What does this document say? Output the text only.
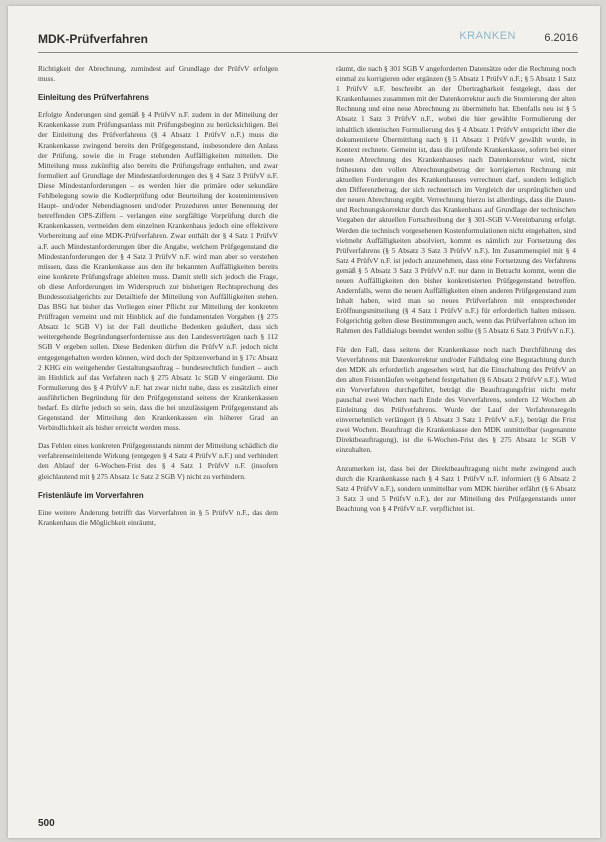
MDK-Prüfverfahren	KRANKEN	6.2016

Richtigkeit der Abrechnung, zumindest auf Grundlage der PrüfvV erfolgen muss.

Einleitung des Prüfverfahrens

Erfolgte Änderungen sind gemäß § 4 PrüfvV n.F. zudem in der Mitteilung der Krankenkasse zum Prüfungsanlass mit Prüfungsbeginn zu berücksichtigen. Bei der Einleitung des Prüfverfahrens (§ 4 Absatz 1 PrüfvV n.F.) muss die Krankenkasse zwingend bereits den Prüfgegenstand, insbesondere den Anlass der Prüfung, sowie die in Frage stehenden Auffälligkeiten mitteilen. Die Mitteilung muss zukünftig also bereits die Prüfungsfrage enthalten, und zwar formuliert auf Grundlage der Mindestanforderungen des § 4 Satz 3 PrüfvV n.F. Diese Mindestanforderungen – es werden hier die primäre oder sekundäre Fehlbelegung sowie die Kodierprüfung oder Beurteilung der kostenintensiven Haupt- und/oder Nebendiagnosen und/oder Prozeduren unter Benennung der betreffenden OPS-Ziffern – verlangen eine sorgfältige Vorprüfung durch die Krankenkassen, vermeiden dem einzelnen Krankenhaus jedoch eine effektivere Vorbereitung auf eine MDK-Prüfverfahren. Zwar enthält der § 4 Satz 1 PrüfvV a.F. auch Mindestanforderungen über die Angabe, welchem Prüfgegenstand die Mindestanforderungen der § 4 Satz 3 PrüfvV n.F. wird man aber so verstehen müssen, dass die Krankenkasse aus den ihr bekannten Auffälligkeiten bereits eine konkrete Prüfungsfrage ableiten muss. Damit stellt sich jedoch die Frage, ob diese Anforderungen im Widerspruch zur bisherigen Rechtsprechung des Bundessozialgerichts zur Detailtiefe der Mitteilung von Auffälligkeiten stehen. Das BSG hat bisher das Vorliegen einer Pflicht zur Mitteilung der konkreten Prüffragen verneint und mit Hinblick auf die fundamentalen Vorgaben (§ 275 Absatz 1c SGB V) ist der Fall deutliche Bedenken geäußert, dass sich weitergehende Begründungserfordernisse aus den Landesverträgen nach § 112 SGB V ergeben sollen. Diese Bedenken dürften die PrüfvV n.F. jedoch nicht entgegengehalten werden können, wird doch der Spitzenverband in § 17c Absatz 2 KHG ein weitgehender Gestaltungsauftrag – bundesrechtlich fundiert – auch im Hinblick auf das Verfahren nach § 275 Absatz 1c SGB V eingeräumt. Die Formulierung des § 4 PrüfvV n.F. hat zwar nicht nahe, dass es zusätzlich einer ausführlichen Begründung für den Prüfgegenstand seitens der Krankenkassen bedarf. Es dürfte jedoch so sein, dass die bei unzulässigem Prüfgegenstand als Gegenstand der Mitteilung den Krankenkassen ein höherer Grad an Verbindlichkeit als bisher erreicht werden muss.

Das Fehlen eines konkreten Prüfgegenstands nimmt der Mitteilung schädlich die verfahrenseinleitende Wirkung (entgegen § 4 Satz 4 PrüfvV n.F.) und verhindert den Ablauf der 6-Wochen-Frist des § 4 Satz 1 PrüfvV n.F. (insofern gleichlautend mit § 275 Absatz 1c Satz 2 SGB V) nicht zu verhindern.

Fristenläufe im Vorverfahren

Eine weitere Änderung betrifft das Vorverfahren in § 5 PrüfvV n.F., das dem Krankenhaus die Möglichkeit einräumt,

räumt, die nach § 301 SGB V angeforderten Datensätze oder die Rechnung noch einmal zu korrigieren oder ergänzen (§ 5 Absatz 1 PrüfvV n.F.; § 5 Absatz 1 Satz 1 PrüfvV n.F. beschreibt an der Übertragbarkeit festgelegt, dass der Krankenhauses zusammen mit der Datenkorrektur auch die Stornierung der alten Rechnung und eine neue Abrechnung zu übermitteln hat. Ebenfalls neu ist § 5 Absatz 1 Satz 3 PrüfvV n.F., wobei die hier gewählte Formulierung der inhaltlich identischen Formulierung des § 4 Absatz 1 PrüfvV entspricht über die dokumentierte Übermittlung nach § 11 Absatz 1 PrüfvV gewählt wurde, in Kontext rechnete. Gemeint ist, dass die prüfende Krankenkasse, sofern bei einer neuen Abrechnung des Krankenhauses nach Datenkorrektur wird, nicht frühestens den vollen Abrechnungsbetrag der korrigierten Rechnung mit aktuellen Forderungen des Krankenhauses verrechnen darf, sondern lediglich den Differenzbetrag, der sich rechnerisch im Vergleich der ursprünglichen und der neuen Abrechnung ergibt. Verrechnung hierzu ist allerdings, dass die Daten- und Rechnungskorrektur durch das Krankenhaus auf Grundlage der technischen Vorgaben der aktuellen Fortschreibung der § 301-SGB V-Vereinbarung erfolgt. Werden die technisch vorgesehenen Kostenformulationen nicht eingehalten, sind vielmehr Auffälligkeiten absolviert, kommt es nämlich zur Fortsetzung des Prüfverfahrens (§ 5 Absatz 3 Satz 3 PrüfvV n.F.). Im Zusammenspiel mit § 4 Satz 4 PrüfvV n.F. ist jedoch anzunehmen, dass eine Fortsetzung des Verfahrens gemäß § 5 Absatz 3 Satz 3 PrüfvV n.F. nur dann in Betracht kommt, wenn die neuen Auffälligkeiten den bisher konkretisierten Prüfgegenstand betreffen. Andernfalls, wenn die neuen Auffälligkeiten einen anderen Prüfgegenstand zum Inhalt haben, wird man so neues Prüfverfahren mit entsprechender Eröffnungsmitteilung (§ 4 Satz 1 PrüfvV n.F.) für erforderlich halten müssen. Folgerichtig gelten diese Bestimmungen auch, wenn das Prüfverfahren schon im Rahmen des Falldialogs beendet werden sollte (§ 5 Absatz 6 Satz 3 PrüfvV n.F.).

Für den Fall, dass seitens der Krankenkasse noch nach Durchführung des Vorverfahrens mit Datenkorrektur und/oder Falldialog eine Begutachtung durch den MDK als erforderlich angesehen wird, hat die Einschaltung des PrüfvV an den alten Fristenläufen weitgehend festgehalten (§ 6 Absatz 2 PrüfvV n.F.). Wird ein Vorverfahren durchgeführt, beträgt die Beauftragungsfrist nicht mehr pauschal zwei Wochen nach Ende des Vorverfahrens, sondern 12 Wochen ab Einleitung des Prüfverfahrens. Wurde der Lauf der Verfahrensregeln einvernehmlich verlängert (§ 5 Absatz 3 Satz 1 PrüfvV n.F.), beträgt die Frist zwei Wochen. Beauftragt die Krankenkasse den MDK unmittelbar (sogenannte Direktbeauftragung), ist die 6-Wochen-Frist des § 275 Absatz 1c SGB V einzuhalten.

Anzumerken ist, dass bei der Direktbeauftragung nicht mehr zwingend auch durch die Krankenkasse nach § 4 Satz 1 PrüfvV n.F. informiert (§ 6 Absatz 2 Satz 4 PrüfvV n.F.), sondern unmittelbar vom MDK hierüber erfährt (§ 6 Absatz 3 Satz 3 und 5 PrüfvV n.F.), der zur Mitteilung des Prüfgegenstands unter Beachtung von § 4 PrüfvV n.F. verpflichtet ist.

500
